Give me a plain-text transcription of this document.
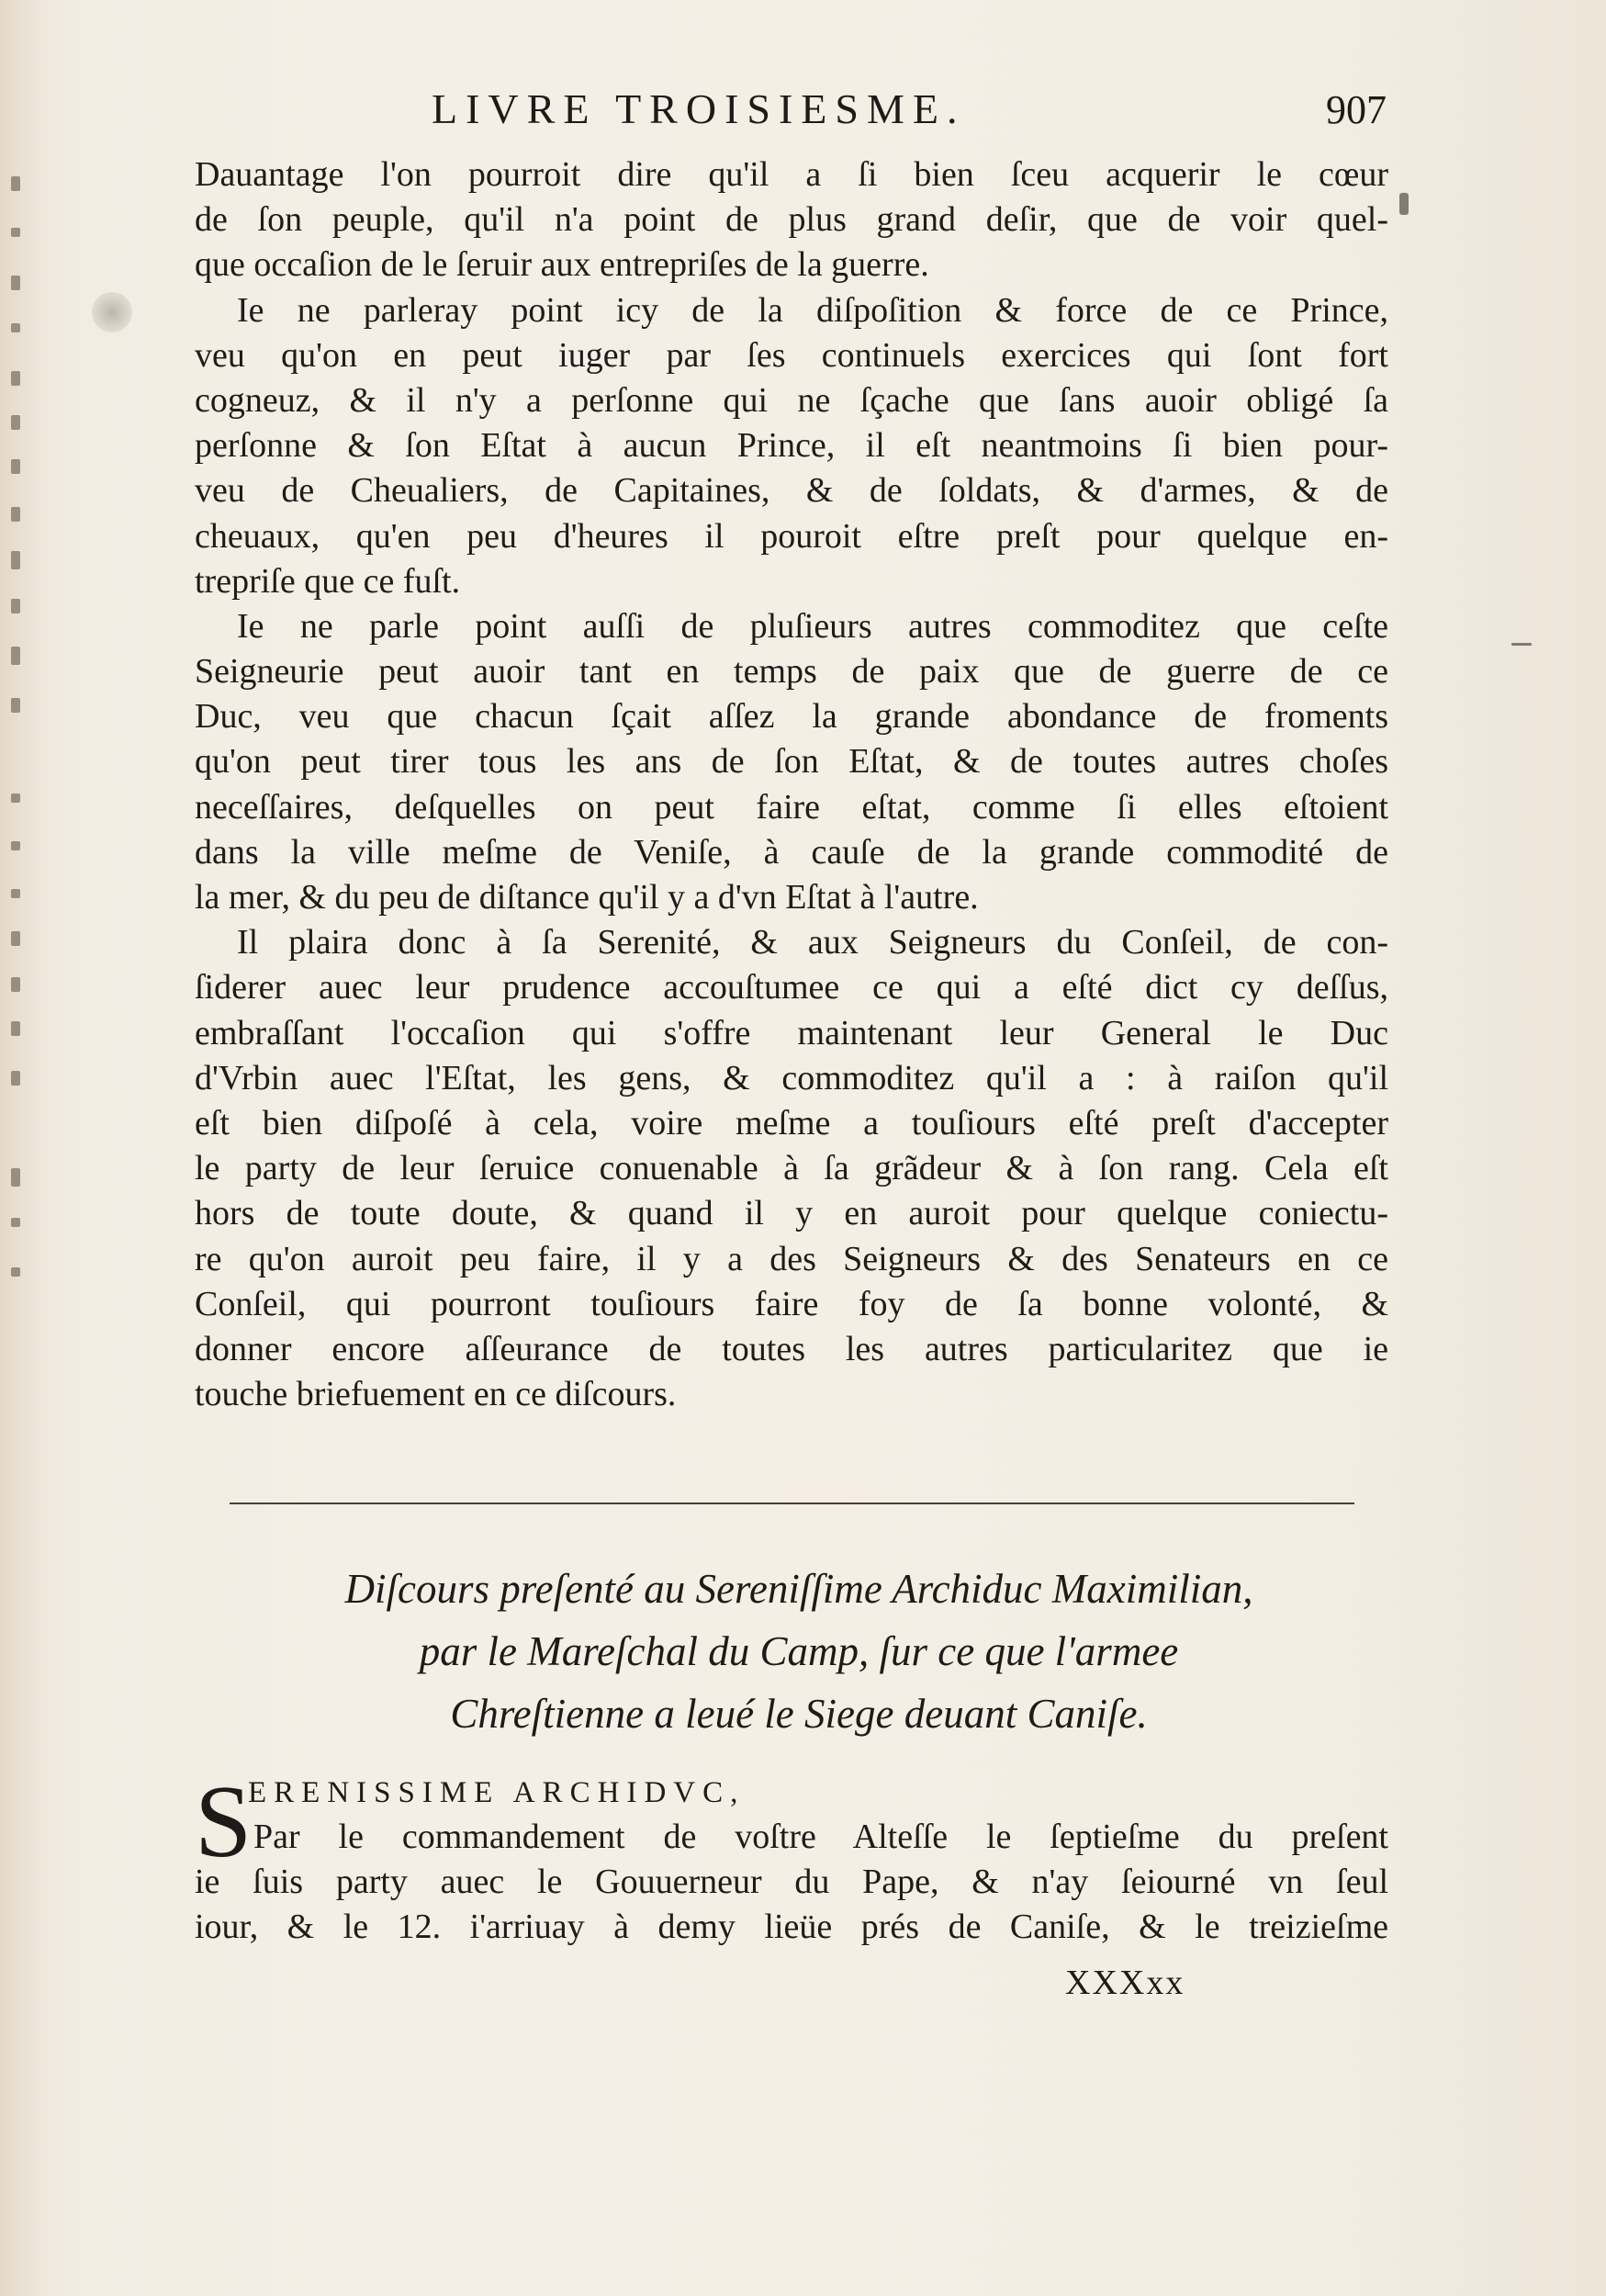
LIVRE TROISIESME.	907
Dauantage l'on pourroit dire qu'il a ſi bien ſceu acquerir le cœur
de ſon peuple, qu'il n'a point de plus grand deſir, que de voir quel-
que occaſion de le ſeruir aux entrepriſes de la guerre.
Ie ne parleray point icy de la diſpoſition & force de ce Prince,
veu qu'on en peut iuger par ſes continuels exercices qui ſont fort
cogneuz, & il n'y a perſonne qui ne ſçache que ſans auoir obligé ſa
perſonne & ſon Eſtat à aucun Prince, il eſt neantmoins ſi bien pour-
veu de Cheualiers, de Capitaines, & de ſoldats, & d'armes, & de
cheuaux, qu'en peu d'heures il pouroit eſtre preſt pour quelque en-
trepriſe que ce fuſt.
Ie ne parle point auſſi de pluſieurs autres commoditez que ceſte
Seigneurie peut auoir tant en temps de paix que de guerre de ce
Duc, veu que chacun ſçait aſſez la grande abondance de froments
qu'on peut tirer tous les ans de ſon Eſtat, & de toutes autres choſes
neceſſaires, deſquelles on peut faire eſtat, comme ſi elles eſtoient
dans la ville meſme de Veniſe, à cauſe de la grande commodité de
la mer, & du peu de diſtance qu'il y a d'vn Eſtat à l'autre.
Il plaira donc à ſa Serenité, & aux Seigneurs du Conſeil, de con-
ſiderer auec leur prudence accouſtumee ce qui a eſté dict cy deſſus,
embraſſant l'occaſion qui s'offre maintenant leur General le Duc
d'Vrbin auec l'Eſtat, les gens, & commoditez qu'il a : à raiſon qu'il
eſt bien diſpoſé à cela, voire meſme a touſiours eſté preſt d'accepter
le party de leur ſeruice conuenable à ſa grãdeur & à ſon rang. Cela eſt
hors de toute doute, & quand il y en auroit pour quelque coniectu-
re qu'on auroit peu faire, il y a des Seigneurs & des Senateurs en ce
Conſeil, qui pourront touſiours faire foy de ſa bonne volonté, &
donner encore aſſeurance de toutes les autres particularitez que ie
touche briefuement en ce diſcours.
Diſcours preſenté au Sereniſſime Archiduc Maximilian,
par le Mareſchal du Camp, ſur ce que l'armee
Chreſtienne a leué le Siege deuant Caniſe.
S
ERENISSIME ARCHIDVC,
Par le commandement de voſtre Alteſſe le ſeptieſme du preſent
ie ſuis party auec le Gouuerneur du Pape, & n'ay ſeiourné vn ſeul
iour, & le 12. i'arriuay à demy lieüe prés de Caniſe, & le treizieſme
XXXxx
